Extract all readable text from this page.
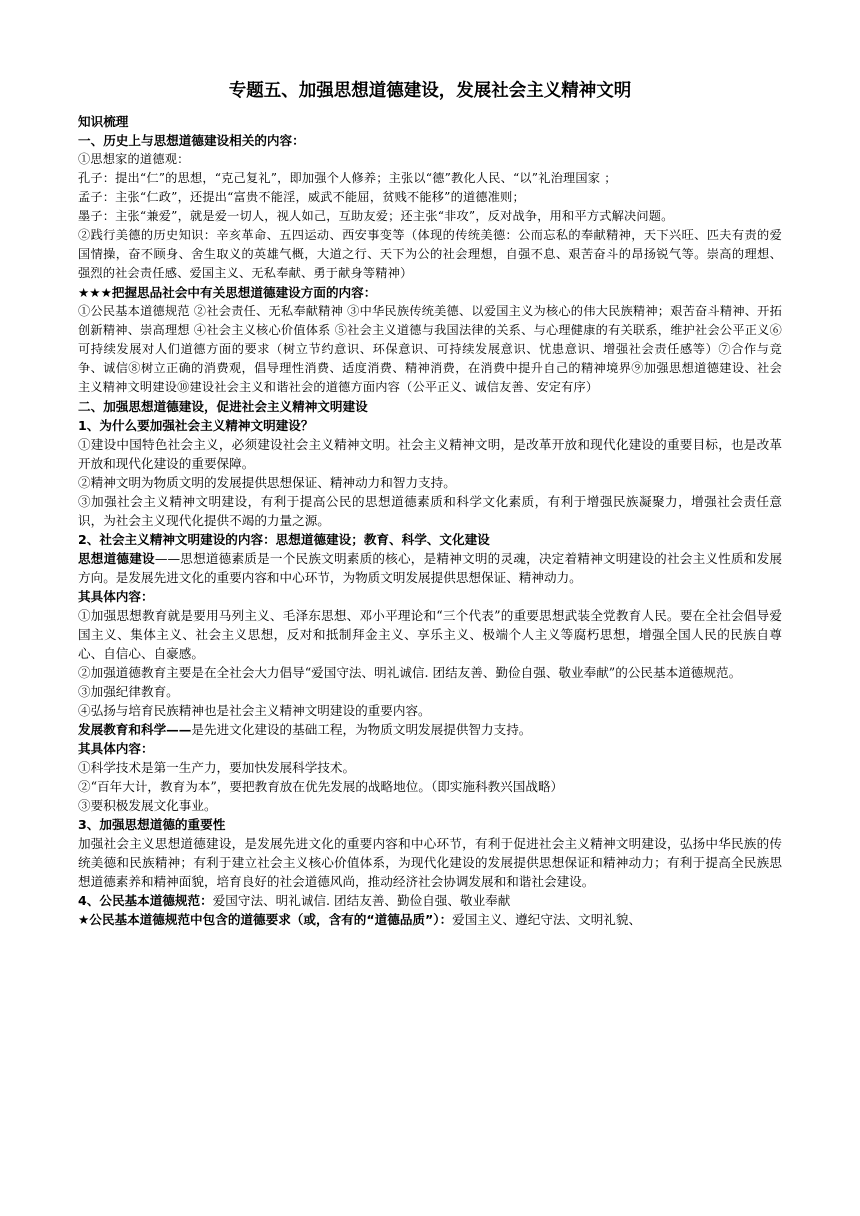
专题五、加强思想道德建设，发展社会主义精神文明
知识梳理
一、历史上与思想道德建设相关的内容：
①思想家的道德观：
孔子：提出“仁”的思想，“克己复礼”，即加强个人修养；主张以“德”教化人民、“以”礼治理国家 ；
孟子：主张“仁政”，还提出“富贵不能淫，威武不能屈，贫贱不能移”的道德准则；
墨子：主张“兼爱”，就是爱一切人，视人如己，互助友爱；还主张“非攻”，反对战争，用和平方式解决问题。
②践行美德的历史知识：辛亥革命、五四运动、西安事变等（体现的传统美德：公而忘私的奉献精神，天下兴旺、匹夫有责的爱国情操，奋不顾身、舍生取义的英雄气概，大道之行、天下为公的社会理想，自强不息、艰苦奋斗的昂扬锐气等。崇高的理想、强烈的社会责任感、爱国主义、无私奉献、勇于献身等精神）
★★★把握思品社会中有关思想道德建设方面的内容：
①公民基本道德规范 ②社会责任、无私奉献精神 ③中华民族传统美德、以爱国主义为核心的伟大民族精神；艰苦奋斗精神、开拓创新精神、崇高理想 ④社会主义核心价值体系 ⑤社会主义道德与我国法律的关系、与心理健康的有关联系，维护社会公平正义⑥可持续发展对人们道德方面的要求（树立节约意识、环保意识、可持续发展意识、忧患意识、增强社会责任感等）⑦合作与竞争、诚信⑧树立正确的消费观，倡导理性消费、适度消费、精神消费，在消费中提升自己的精神境界⑨加强思想道德建设、社会主义精神文明建设⑩建设社会主义和谐社会的道德方面内容（公平正义、诚信友善、安定有序）
二、加强思想道德建设，促进社会主义精神文明建设
1、为什么要加强社会主义精神文明建设？
①建设中国特色社会主义，必须建设社会主义精神文明。社会主义精神文明，是改革开放和现代化建设的重要目标，也是改革开放和现代化建设的重要保障。
②精神文明为物质文明的发展提供思想保证、精神动力和智力支持。
③加强社会主义精神文明建设，有利于提高公民的思想道德素质和科学文化素质，有利于增强民族凝聚力，增强社会责任意识，为社会主义现代化提供不竭的力量之源。
2、社会主义精神文明建设的内容：思想道德建设；教育、科学、文化建设
思想道德建设——思想道德素质是一个民族文明素质的核心，是精神文明的灵魂，决定着精神文明建设的社会主义性质和发展方向。是发展先进文化的重要内容和中心环节，为物质文明发展提供思想保证、精神动力。
其具体内容：
①加强思想教育就是要用马列主义、毛泽东思想、邓小平理论和“三个代表”的重要思想武装全党教育人民。要在全社会倡导爱国主义、集体主义、社会主义思想，反对和抵制拜金主义、享乐主义、极端个人主义等腐朽思想，增强全国人民的民族自尊心、自信心、自豪感。
②加强道德教育主要是在全社会大力倡导“爱国守法、明礼诚信. 团结友善、勤俭自强、敬业奉献”的公民基本道德规范。
③加强纪律教育。
④弘扬与培育民族精神也是社会主义精神文明建设的重要内容。
发展教育和科学——是先进文化建设的基础工程，为物质文明发展提供智力支持。
其具体内容：
①科学技术是第一生产力，要加快发展科学技术。
②“百年大计，教育为本”，要把教育放在优先发展的战略地位。（即实施科教兴国战略）
③要积极发展文化事业。
3、加强思想道德的重要性
加强社会主义思想道德建设，是发展先进文化的重要内容和中心环节，有利于促进社会主义精神文明建设，弘扬中华民族的传统美德和民族精神；有利于建立社会主义核心价值体系，为现代化建设的发展提供思想保证和精神动力；有利于提高全民族思想道德素养和精神面貌，培育良好的社会道德风尚，推动经济社会协调发展和和谐社会建设。
4、公民基本道德规范：爱国守法、明礼诚信. 团结友善、勤俭自强、敬业奉献
★公民基本道德规范中包含的道德要求（或，含有的“道德品质”）：爱国主义、遵纪守法、文明礼貌、
